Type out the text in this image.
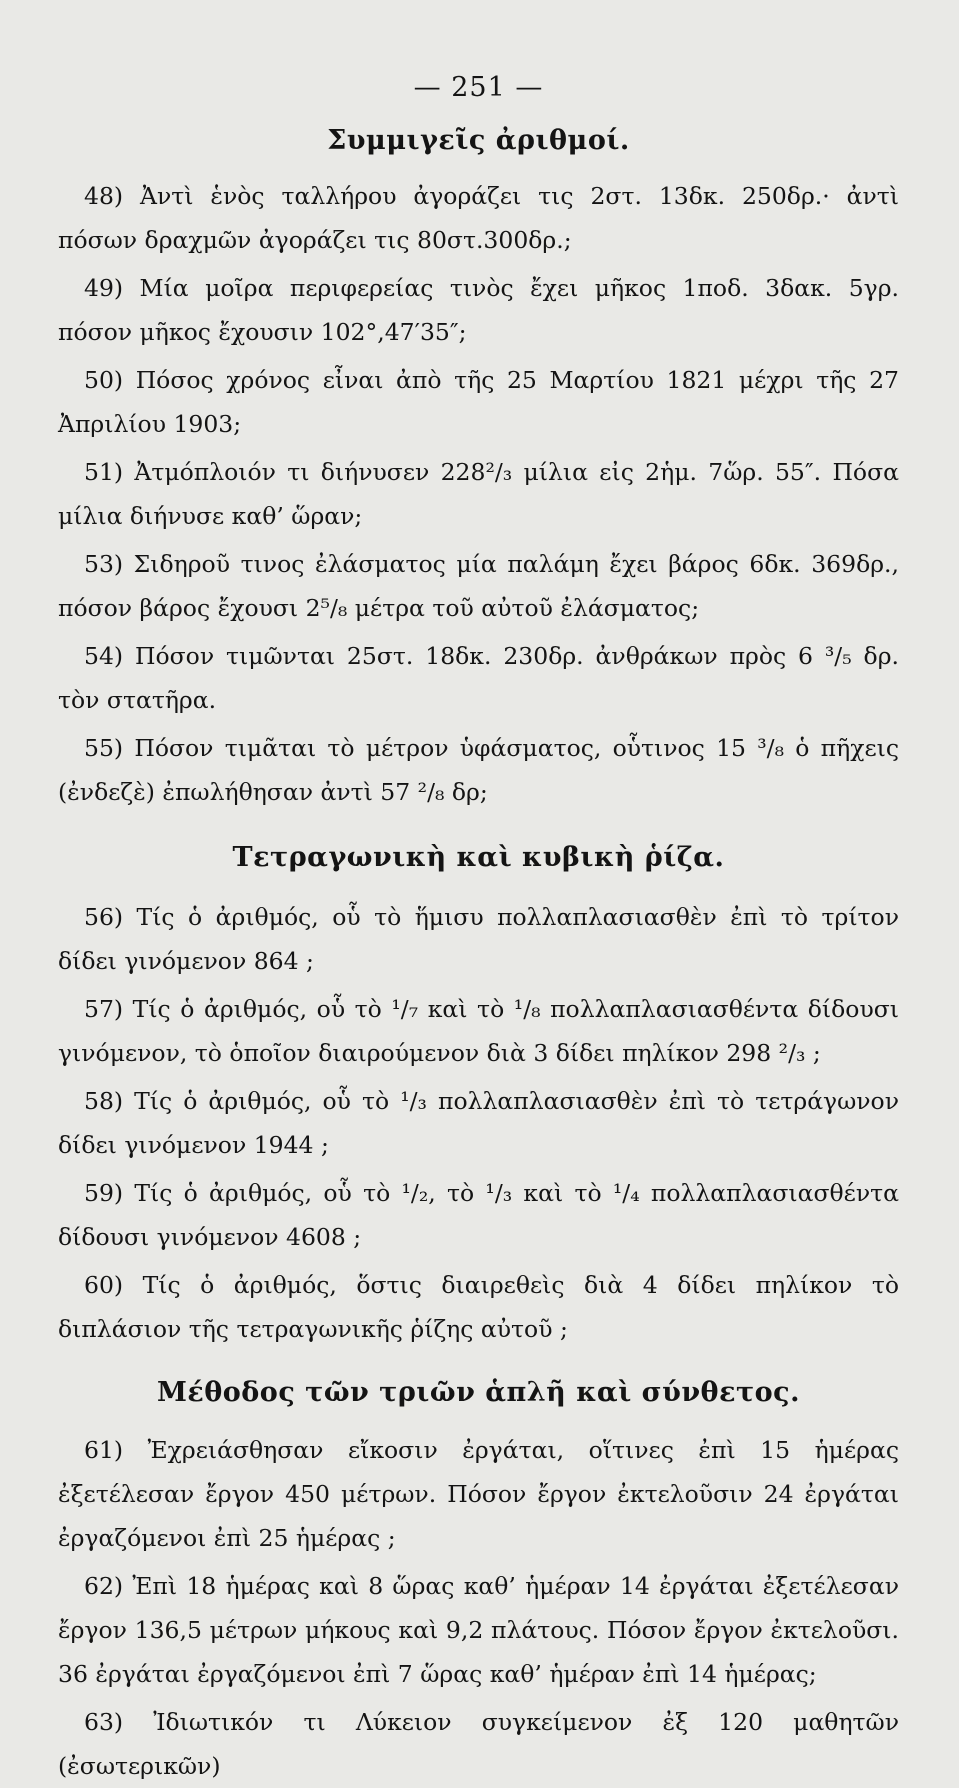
— 251 —
Συμμιγεῖς ἀριθμοί.

48) Ἀντὶ ἑνὸς ταλλήρου ἀγοράζει τις 2στ. 13δκ. 250δρ.· ἀντὶ πόσων δραχμῶν ἀγοράζει τις 80στ.300δρ.;

49) Μία μοῖρα περιφερείας τινὸς ἔχει μῆκος 1ποδ. 3δακ. 5γρ. πόσον μῆκος ἔχουσιν 102°,47′35″;

50) Πόσος χρόνος εἶναι ἀπὸ τῆς 25 Μαρτίου 1821 μέχρι τῆς 27 Ἀπριλίου 1903;

51) Ἀτμόπλοιόν τι διήνυσεν 228²/₃ μίλια εἰς 2ἡμ. 7ὥρ. 55″. Πόσα μίλια διήνυσε καθ’ ὥραν;

53) Σιδηροῦ τινος ἐλάσματος μία παλάμη ἔχει βάρος 6δκ. 369δρ., πόσον βάρος ἔχουσι 2⁵/₈ μέτρα τοῦ αὐτοῦ ἐλάσματος;

54) Πόσον τιμῶνται 25στ. 18δκ. 230δρ. ἀνθράκων πρὸς 6 ³/₅ δρ. τὸν στατῆρα.

55) Πόσον τιμᾶται τὸ μέτρον ὑφάσματος, οὗτινος 15 ³/₈ ὁ πῆχεις (ἐνδεζὲ) ἐπωλήθησαν ἀντὶ 57 ²/₈ δρ;

Τετραγωνικὴ καὶ κυβικὴ ῥίζα.

56) Τίς ὁ ἀριθμός, οὗ τὸ ἥμισυ πολλαπλασιασθὲν ἐπὶ τὸ τρίτον δίδει γινόμενον 864 ;

57) Τίς ὁ ἀριθμός, οὗ τὸ ¹/₇ καὶ τὸ ¹/₈ πολλαπλασιασθέντα δίδουσι γινόμενον, τὸ ὁποῖον διαιρούμενον διὰ 3 δίδει πηλίκον 298 ²/₃ ;

58) Τίς ὁ ἀριθμός, οὗ τὸ ¹/₃ πολλαπλασιασθὲν ἐπὶ τὸ τετράγωνον δίδει γινόμενον 1944 ;

59) Τίς ὁ ἀριθμός, οὗ τὸ ¹/₂, τὸ ¹/₃ καὶ τὸ ¹/₄ πολλαπλασιασθέντα δίδουσι γινόμενον 4608 ;

60) Τίς ὁ ἀριθμός, ὅστις διαιρεθεὶς διὰ 4 δίδει πηλίκον τὸ διπλάσιον τῆς τετραγωνικῆς ῥίζης αὐτοῦ ;

Μέθοδος τῶν τριῶν ἁπλῆ καὶ σύνθετος.

61) Ἐχρειάσθησαν εἴκοσιν ἐργάται, οἵτινες ἐπὶ 15 ἡμέρας ἐξετέλεσαν ἔργον 450 μέτρων. Πόσον ἔργον ἐκτελοῦσιν 24 ἐργάται ἐργαζόμενοι ἐπὶ 25 ἡμέρας ;

62) Ἐπὶ 18 ἡμέρας καὶ 8 ὥρας καθ’ ἡμέραν 14 ἐργάται ἐξετέλεσαν ἔργον 136,5 μέτρων μήκους καὶ 9,2 πλάτους. Πόσον ἔργον ἐκτελοῦσι. 36 ἐργάται ἐργαζόμενοι ἐπὶ 7 ὥρας καθ’ ἡμέραν ἐπὶ 14 ἡμέρας;

63) Ἰδιωτικόν τι Λύκειον συγκείμενον ἐξ 120 μαθητῶν (ἐσωτερικῶν)
